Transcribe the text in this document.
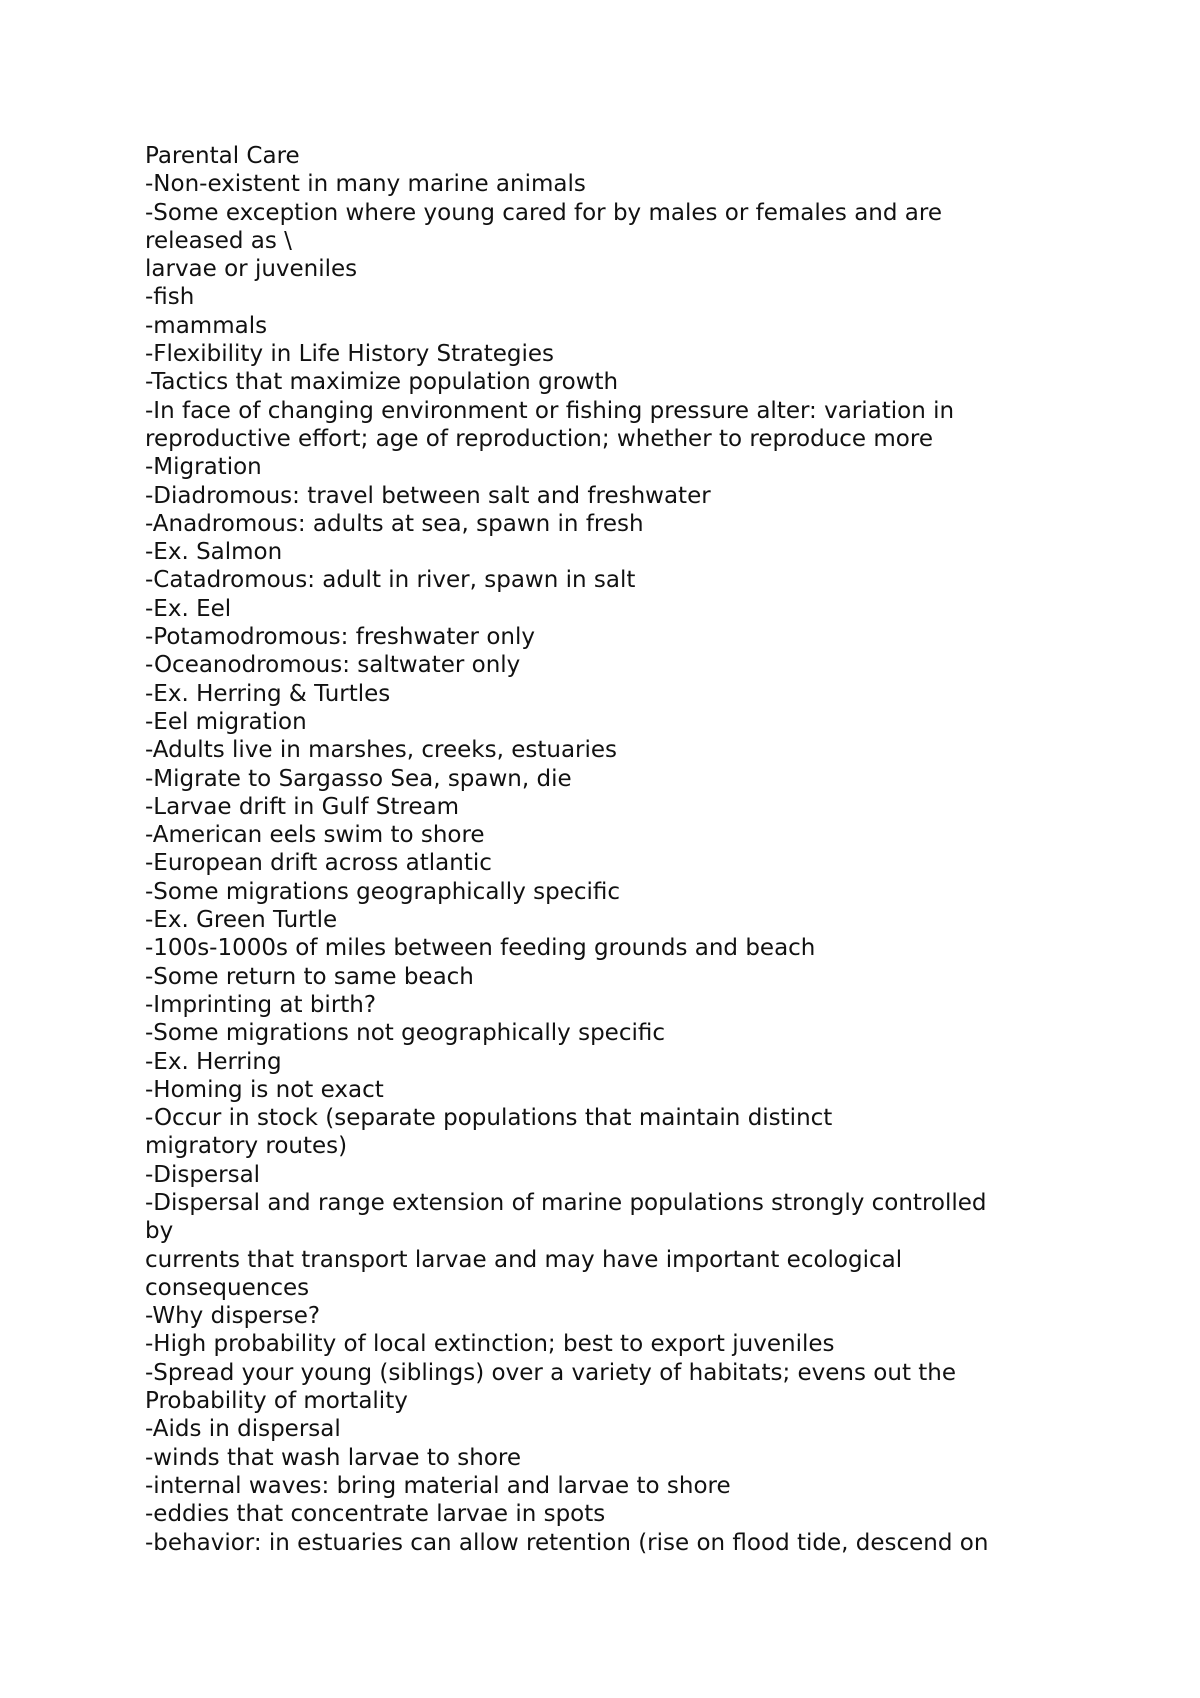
Parental Care

-Non-existent in many marine animals

-Some exception where young cared for by males or females and are

released as \

larvae or juveniles

-fish

-mammals

-Flexibility in Life History Strategies

-Tactics that maximize population growth

-In face of changing environment or fishing pressure alter: variation in

reproductive effort; age of reproduction; whether to reproduce more

-Migration

-Diadromous: travel between salt and freshwater

-Anadromous: adults at sea, spawn in fresh

-Ex. Salmon

-Catadromous: adult in river, spawn in salt

-Ex. Eel

-Potamodromous: freshwater only

-Oceanodromous: saltwater only

-Ex. Herring & Turtles

-Eel migration

-Adults live in marshes, creeks, estuaries

-Migrate to Sargasso Sea, spawn, die

-Larvae drift in Gulf Stream

-American eels swim to shore

-European drift across atlantic

-Some migrations geographically specific

-Ex. Green Turtle

-100s-1000s of miles between feeding grounds and beach

-Some return to same beach

-Imprinting at birth?

-Some migrations not geographically specific

-Ex. Herring

-Homing is not exact

-Occur in stock (separate populations that maintain distinct

migratory routes)

-Dispersal

-Dispersal and range extension of marine populations strongly controlled

by

currents that transport larvae and may have important ecological

consequences

-Why disperse?

-High probability of local extinction; best to export juveniles

-Spread your young (siblings) over a variety of habitats; evens out the

Probability of mortality

-Aids in dispersal

-winds that wash larvae to shore

-internal waves: bring material and larvae to shore

-eddies that concentrate larvae in spots

-behavior: in estuaries can allow retention (rise on flood tide, descend on
